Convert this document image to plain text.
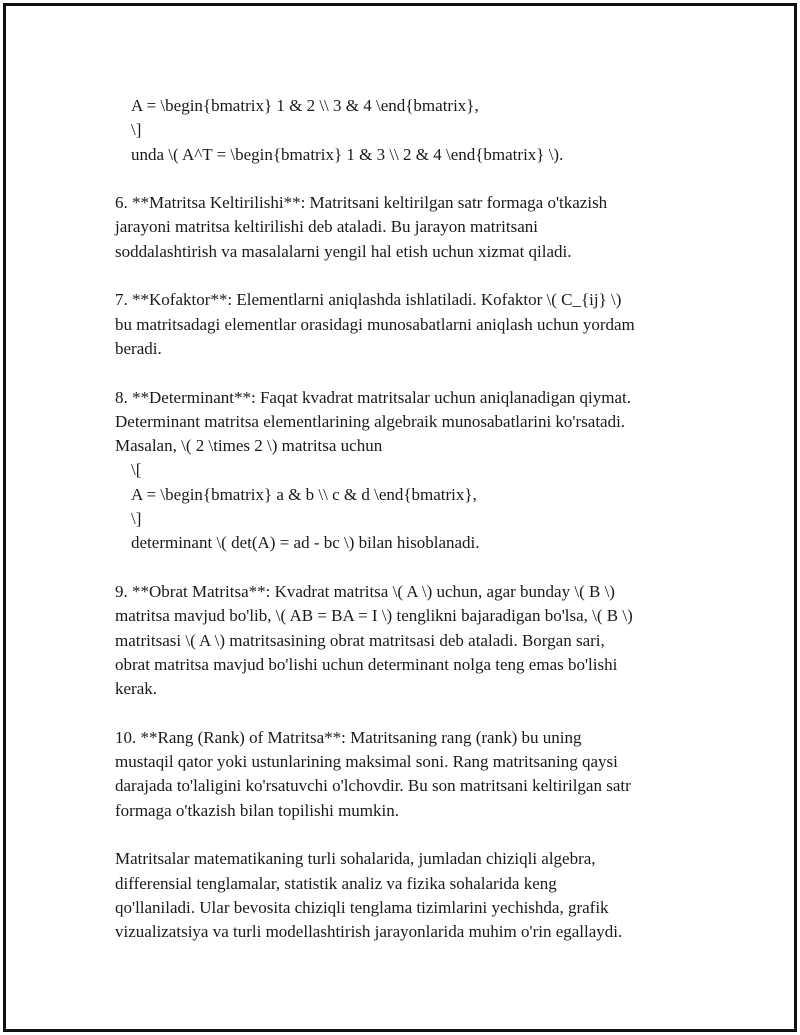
A = \begin{bmatrix} 1 & 2 \\ 3 & 4 \end{bmatrix},
\]
unda \( A^T = \begin{bmatrix} 1 & 3 \\ 2 & 4 \end{bmatrix} \).
6. **Matritsa Keltirilishi**: Matritsani keltirilgan satr formaga o'tkazish
jarayoni matritsa keltirilishi deb ataladi. Bu jarayon matritsani
soddalashtirish va masalalarni yengil hal etish uchun xizmat qiladi.
7. **Kofaktor**: Elementlarni aniqlashda ishlatiladi. Kofaktor \( C_{ij} \)
bu matritsadagi elementlar orasidagi munosabatlarni aniqlash uchun yordam
beradi.
8. **Determinant**: Faqat kvadrat matritsalar uchun aniqlanadigan qiymat.
Determinant matritsa elementlarining algebraik munosabatlarini ko'rsatadi.
Masalan, \( 2 \times 2 \) matritsa uchun
\[
A = \begin{bmatrix} a & b \\ c & d \end{bmatrix},
\]
determinant \( det(A) = ad - bc \) bilan hisoblanadi.
9. **Obrat Matritsa**: Kvadrat matritsa \( A \) uchun, agar bunday \( B \)
matritsa mavjud bo'lib, \( AB = BA = I \) tenglikni bajaradigan bo'lsa, \( B \)
matritsasi \( A \) matritsasining obrat matritsasi deb ataladi. Borgan sari,
obrat matritsa mavjud bo'lishi uchun determinant nolga teng emas bo'lishi
kerak.
10. **Rang (Rank) of Matritsa**: Matritsaning rang (rank) bu uning
mustaqil qator yoki ustunlarining maksimal soni. Rang matritsaning qaysi
darajada to'laligini ko'rsatuvchi o'lchovdir. Bu son matritsani keltirilgan satr
formaga o'tkazish bilan topilishi mumkin.
Matritsalar matematikaning turli sohalarida, jumladan chiziqli algebra,
differensial tenglamalar, statistik analiz va fizika sohalarida keng
qo'llaniladi. Ular bevosita chiziqli tenglama tizimlarini yechishda, grafik
vizualizatsiya va turli modellashtirish jarayonlarida muhim o'rin egallaydi.
